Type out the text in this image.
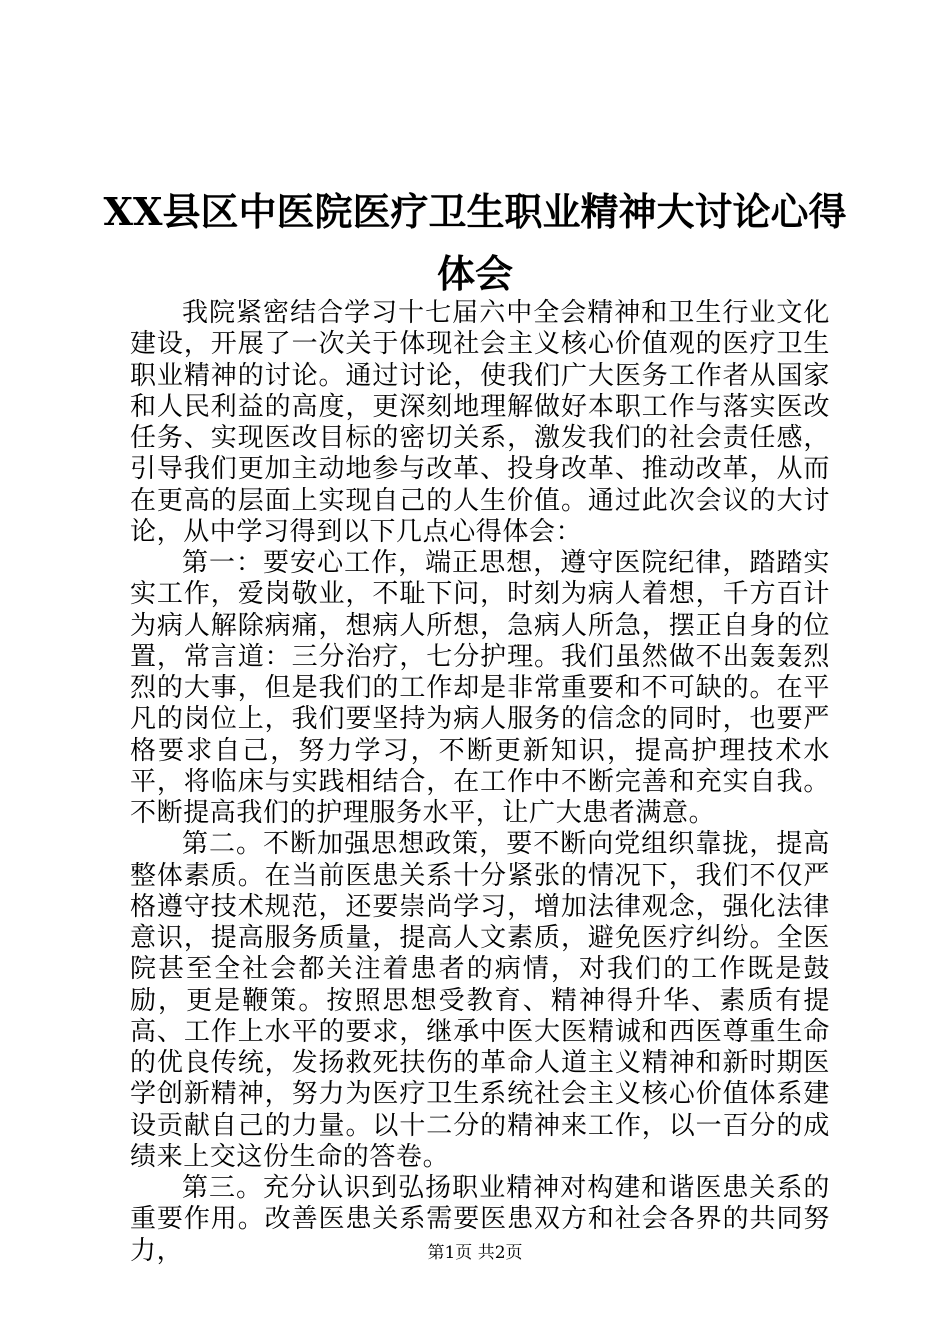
XX县区中医院医疗卫生职业精神大讨论心得
体会

我院紧密结合学习十七届六中全会精神和卫生行业文化建设，开展了一次关于体现社会主义核心价值观的医疗卫生职业精神的讨论。通过讨论，使我们广大医务工作者从国家和人民利益的高度，更深刻地理解做好本职工作与落实医改任务、实现医改目标的密切关系，激发我们的社会责任感，引导我们更加主动地参与改革、投身改革、推动改革，从而在更高的层面上实现自己的人生价值。通过此次会议的大讨论，从中学习得到以下几点心得体会：

第一：要安心工作，端正思想，遵守医院纪律，踏踏实实工作，爱岗敬业，不耻下问，时刻为病人着想，千方百计为病人解除病痛，想病人所想，急病人所急，摆正自身的位置，常言道：三分治疗，七分护理。我们虽然做不出轰轰烈烈的大事，但是我们的工作却是非常重要和不可缺的。在平凡的岗位上，我们要坚持为病人服务的信念的同时，也要严格要求自己，努力学习，不断更新知识，提高护理技术水平，将临床与实践相结合，在工作中不断完善和充实自我。不断提高我们的护理服务水平，让广大患者满意。

第二。不断加强思想政策，要不断向党组织靠拢，提高整体素质。在当前医患关系十分紧张的情况下，我们不仅严格遵守技术规范，还要崇尚学习，增加法律观念，强化法律意识，提高服务质量，提高人文素质，避免医疗纠纷。全医院甚至全社会都关注着患者的病情，对我们的工作既是鼓励，更是鞭策。按照思想受教育、精神得升华、素质有提高、工作上水平的要求，继承中医大医精诚和西医尊重生命的优良传统，发扬救死扶伤的革命人道主义精神和新时期医学创新精神，努力为医疗卫生系统社会主义核心价值体系建设贡献自己的力量。以十二分的精神来工作，以一百分的成绩来上交这份生命的答卷。

第三。充分认识到弘扬职业精神对构建和谐医患关系的重要作用。改善医患关系需要医患双方和社会各界的共同努力，	第1页 共2页
